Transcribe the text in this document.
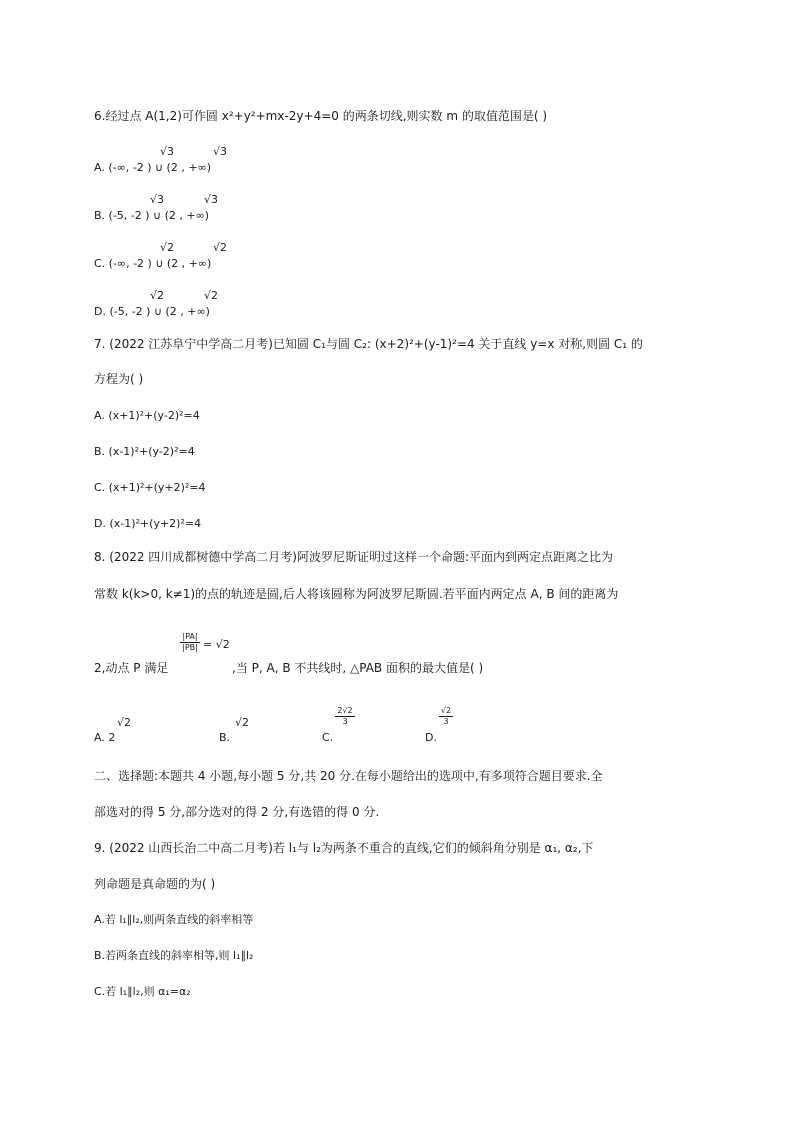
6.经过点 A(1,2)可作圆 x²+y²+mx-2y+4=0 的两条切线,则实数 m 的取值范围是( )
A. (-∞, -2 ) ∪ (2 , +∞)
√3	√3
B. (-5, -2 ) ∪ (2 , +∞)
√3	√3
C. (-∞, -2 ) ∪ (2 , +∞)
√2	√2
D. (-5, -2 ) ∪ (2 , +∞)
√2	√2
7. (2022 江苏阜宁中学高二月考)已知圆 C₁与圆 C₂: (x+2)²+(y-1)²=4 关于直线 y=x 对称,则圆 C₁ 的
方程为( )
A. (x+1)²+(y-2)²=4
B. (x-1)²+(y-2)²=4
C. (x+1)²+(y+2)²=4
D. (x-1)²+(y+2)²=4
8. (2022 四川成都树德中学高二月考)阿波罗尼斯证明过这样一个命题:平面内到两定点距离之比为
常数 k(k>0, k≠1)的点的轨迹是圆,后人将该圆称为阿波罗尼斯圆.若平面内两定点 A, B 间的距离为
2,动点 P 满足
|PA|
|PB| = √2
,当 P, A, B 不共线时, △PAB 面积的最大值是( )
A. 2
√2
B.
√2
C.
2√2
3
D.
√2
3
二、选择题:本题共 4 小题,每小题 5 分,共 20 分.在每小题给出的选项中,有多项符合题目要求.全
部选对的得 5 分,部分选对的得 2 分,有选错的得 0 分.
9. (2022 山西长治二中高二月考)若 l₁与 l₂为两条不重合的直线,它们的倾斜角分别是 α₁, α₂,下
列命题是真命题的为( )
A.若 l₁∥l₂,则两条直线的斜率相等
B.若两条直线的斜率相等,则 l₁∥l₂
C.若 l₁∥l₂,则 α₁=α₂
